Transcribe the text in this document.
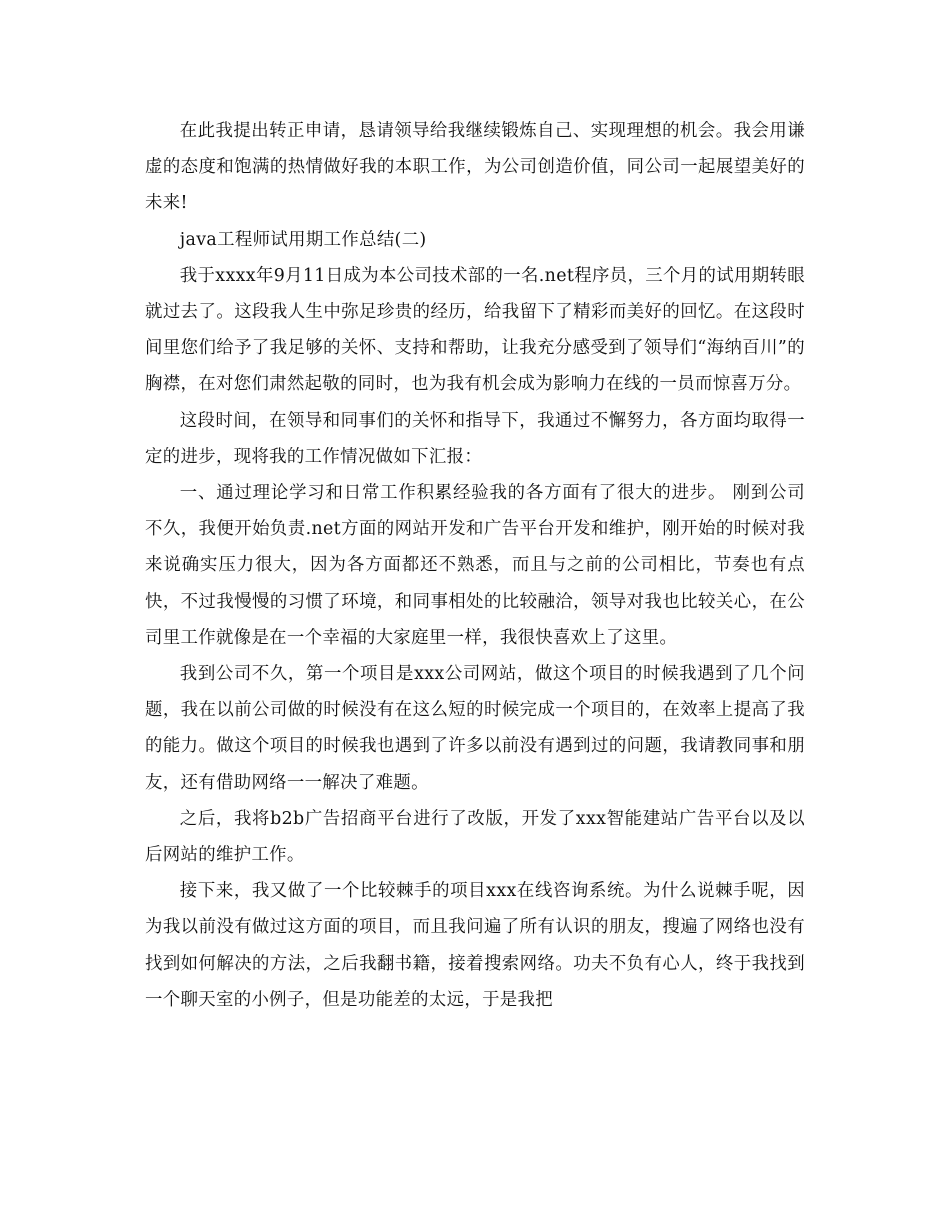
在此我提出转正申请，恳请领导给我继续锻炼自己、实现理想的机会。我会用谦虚的态度和饱满的热情做好我的本职工作，为公司创造价值，同公司一起展望美好的未来!

java工程师试用期工作总结(二)

我于xxxx年9月11日成为本公司技术部的一名.net程序员，三个月的试用期转眼就过去了。这段我人生中弥足珍贵的经历，给我留下了精彩而美好的回忆。在这段时间里您们给予了我足够的关怀、支持和帮助，让我充分感受到了领导们“海纳百川”的胸襟，在对您们肃然起敬的同时，也为我有机会成为影响力在线的一员而惊喜万分。

这段时间，在领导和同事们的关怀和指导下，我通过不懈努力，各方面均取得一定的进步，现将我的工作情况做如下汇报：

一、通过理论学习和日常工作积累经验我的各方面有了很大的进步。 刚到公司不久，我便开始负责.net方面的网站开发和广告平台开发和维护，刚开始的时候对我来说确实压力很大，因为各方面都还不熟悉，而且与之前的公司相比，节奏也有点快，不过我慢慢的习惯了环境，和同事相处的比较融洽，领导对我也比较关心，在公司里工作就像是在一个幸福的大家庭里一样，我很快喜欢上了这里。

我到公司不久，第一个项目是xxx公司网站，做这个项目的时候我遇到了几个问题，我在以前公司做的时候没有在这么短的时候完成一个项目的，在效率上提高了我的能力。做这个项目的时候我也遇到了许多以前没有遇到过的问题，我请教同事和朋友，还有借助网络一一解决了难题。

之后，我将b2b广告招商平台进行了改版，开发了xxx智能建站广告平台以及以后网站的维护工作。

接下来，我又做了一个比较棘手的项目xxx在线咨询系统。为什么说棘手呢，因为我以前没有做过这方面的项目，而且我问遍了所有认识的朋友，搜遍了网络也没有找到如何解决的方法，之后我翻书籍，接着搜索网络。功夫不负有心人，终于我找到一个聊天室的小例子，但是功能差的太远，于是我把
